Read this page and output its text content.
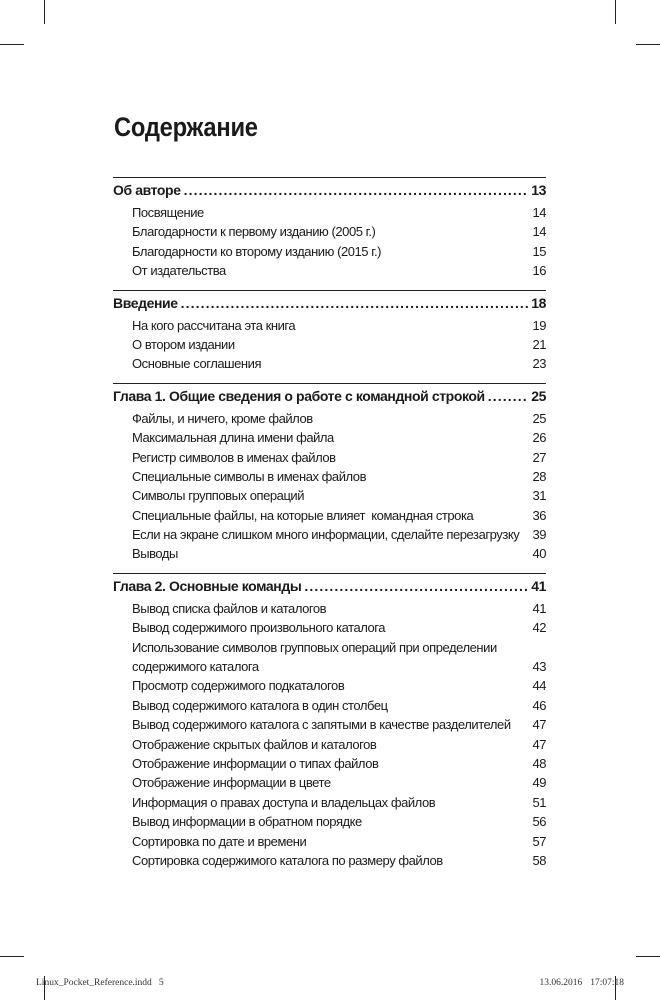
Содержание
Об авторе .....	13
Посвящение	14
Благодарности к первому изданию (2005 г.)	14
Благодарности ко второму изданию (2015 г.)	15
От издательства	16
Введение .....	18
На кого рассчитана эта книга	19
О втором издании	21
Основные соглашения	23
Глава 1. Общие сведения о работе с командной строкой .....	25
Файлы, и ничего, кроме файлов	25
Максимальная длина имени файла	26
Регистр символов в именах файлов	27
Специальные символы в именах файлов	28
Символы групповых операций	31
Специальные файлы, на которые влияет  командная строка	36
Если на экране слишком много информации, сделайте перезагрузку 39
Выводы	40
Глава 2. Основные команды .....	41
Вывод списка файлов и каталогов	41
Вывод содержимого произвольного каталога	42
Использование символов групповых операций при определении
содержимого каталога	43
Просмотр содержимого подкаталогов	44
Вывод содержимого каталога в один столбец	46
Вывод содержимого каталога с запятыми в качестве разделителей 47
Отображение скрытых файлов и каталогов	47
Отображение информации о типах файлов	48
Отображение информации в цвете	49
Информация о правах доступа и владельцах файлов	51
Вывод информации в обратном порядке	56
Сортировка по дате и времени	57
Сортировка содержимого каталога по размеру файлов	58
Linux_Pocket_Reference.indd   5	13.06.2016 17:07:18
